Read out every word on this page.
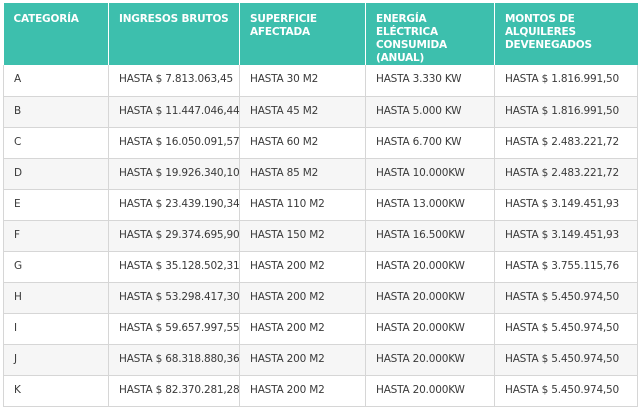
CATEGORÍA	INGRESOS BRUTOS	SUPERFICIE AFECTADA	ENERGÍA ELÉCTRICA CONSUMIDA (ANUAL)	MONTOS DE ALQUILERES DEVENEGADOS
A	HASTA $ 7.813.063,45	HASTA 30 M2	HASTA 3.330 KW	HASTA $ 1.816.991,50
B	HASTA $ 11.447.046,44	HASTA 45 M2	HASTA 5.000 KW	HASTA $ 1.816.991,50
C	HASTA $ 16.050.091,57	HASTA 60 M2	HASTA 6.700 KW	HASTA $ 2.483.221,72
D	HASTA $ 19.926.340,10	HASTA 85 M2	HASTA 10.000KW	HASTA $ 2.483.221,72
E	HASTA $ 23.439.190,34	HASTA 110 M2	HASTA 13.000KW	HASTA $ 3.149.451,93
F	HASTA $ 29.374.695,90	HASTA 150 M2	HASTA 16.500KW	HASTA $ 3.149.451,93
G	HASTA $ 35.128.502,31	HASTA 200 M2	HASTA 20.000KW	HASTA $ 3.755.115,76
H	HASTA $ 53.298.417,30	HASTA 200 M2	HASTA 20.000KW	HASTA $ 5.450.974,50
I	HASTA $ 59.657.997,55	HASTA 200 M2	HASTA 20.000KW	HASTA $ 5.450.974,50
J	HASTA $ 68.318.880,36	HASTA 200 M2	HASTA 20.000KW	HASTA $ 5.450.974,50
K	HASTA $ 82.370.281,28	HASTA 200 M2	HASTA 20.000KW	HASTA $ 5.450.974,50
